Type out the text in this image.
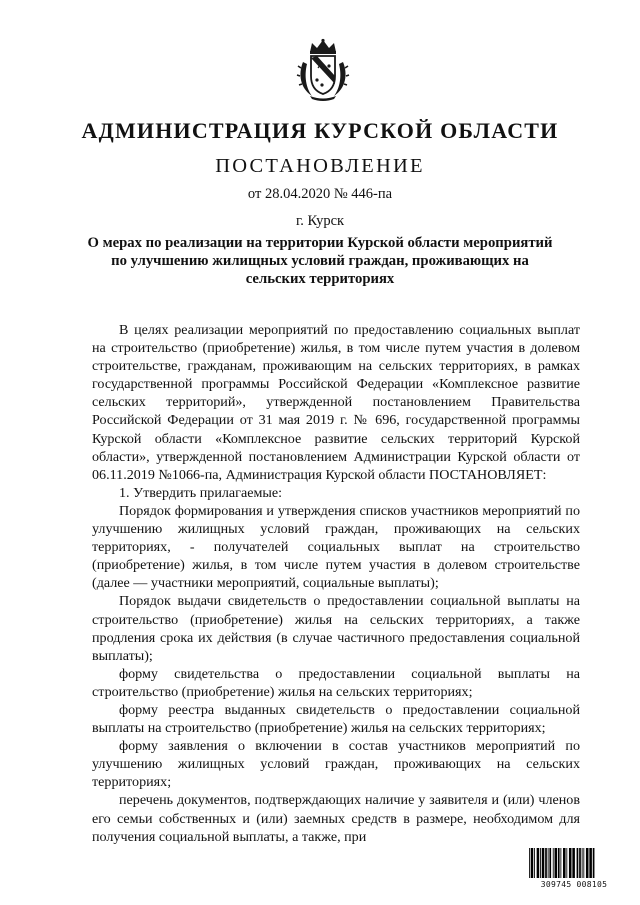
АДМИНИСТРАЦИЯ КУРСКОЙ ОБЛАСТИ
ПОСТАНОВЛЕНИЕ
от 28.04.2020 № 446-па
г. Курск
О мерах по реализации на территории Курской области мероприятий по улучшению жилищных условий граждан, проживающих на сельских территориях

В целях реализации мероприятий по предоставлению социальных выплат на строительство (приобретение) жилья, в том числе путем участия в долевом строительстве, гражданам, проживающим на сельских территориях, в рамках государственной программы Российской Федерации «Комплексное развитие сельских территорий», утвержденной постановлением Правительства Российской Федерации от 31 мая 2019 г. № 696, государственной программы Курской области «Комплексное развитие сельских территорий Курской области», утвержденной постановлением Администрации Курской области от 06.11.2019 №1066-па, Администрация Курской области ПОСТАНОВЛЯЕТ:

1. Утвердить прилагаемые:

Порядок формирования и утверждения списков участников мероприятий по улучшению жилищных условий граждан, проживающих на сельских территориях, - получателей социальных выплат на строительство (приобретение) жилья, в том числе путем участия в долевом строительстве (далее — участники мероприятий, социальные выплаты);

Порядок выдачи свидетельств о предоставлении социальной выплаты на строительство (приобретение) жилья на сельских территориях, а также продления срока их действия (в случае частичного предоставления социальной выплаты);

форму свидетельства о предоставлении социальной выплаты на строительство (приобретение) жилья на сельских территориях;

форму реестра выданных свидетельств о предоставлении социальной выплаты на строительство (приобретение) жилья на сельских территориях;

форму заявления о включении в состав участников мероприятий по улучшению жилищных условий граждан, проживающих на сельских территориях;

перечень документов, подтверждающих наличие у заявителя и (или) членов его семьи собственных и (или) заемных средств в размере, необходимом для получения социальной выплаты, а также, при

309745 008105
